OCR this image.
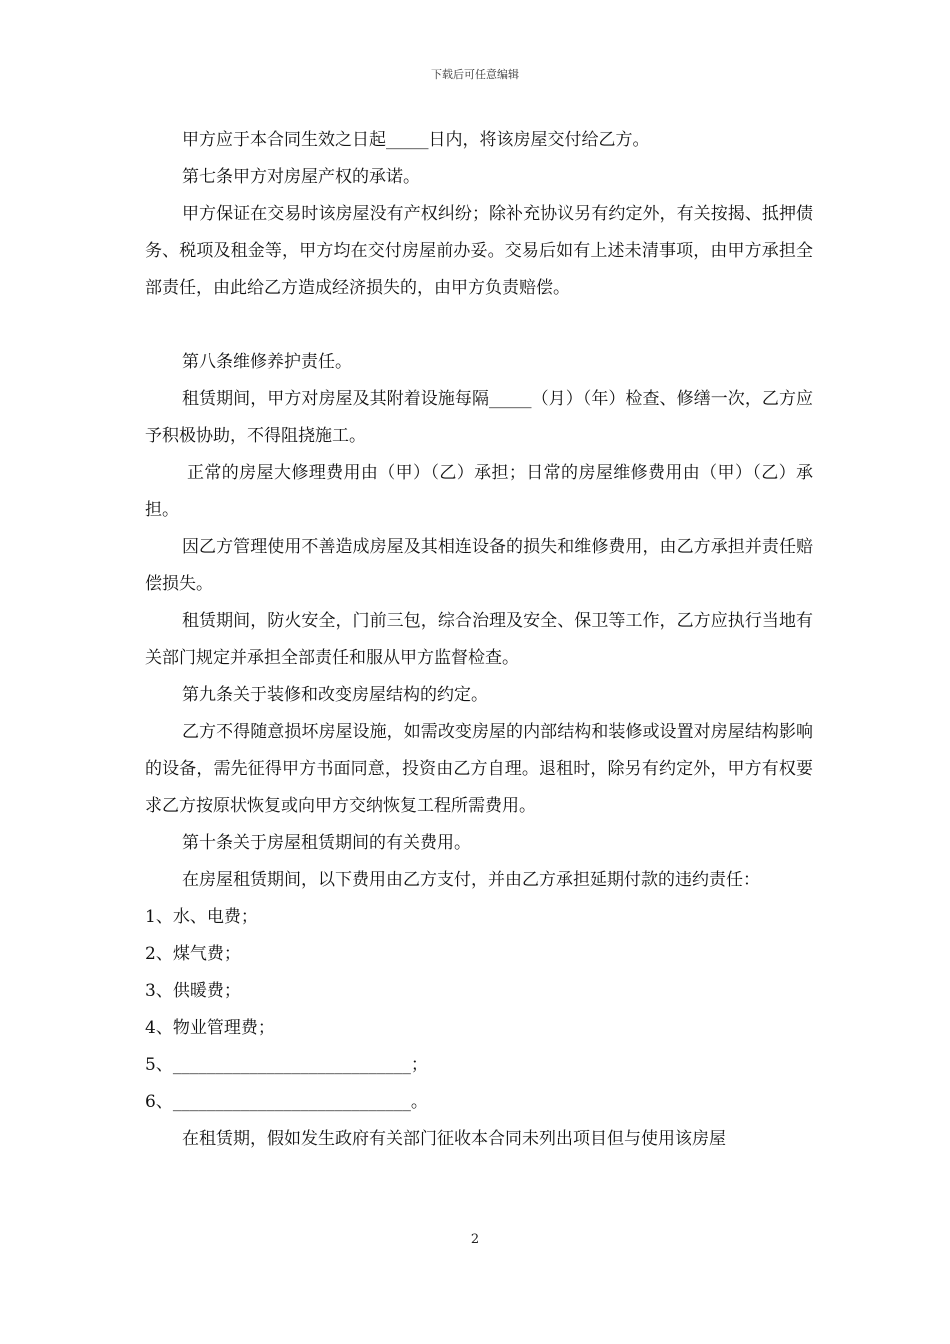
下载后可任意编辑

甲方应于本合同生效之日起_____日内，将该房屋交付给乙方。

第七条甲方对房屋产权的承诺。

甲方保证在交易时该房屋没有产权纠纷；除补充协议另有约定外，有关按揭、抵押债务、税项及租金等，甲方均在交付房屋前办妥。交易后如有上述未清事项，由甲方承担全部责任，由此给乙方造成经济损失的，由甲方负责赔偿。

第八条维修养护责任。

租赁期间，甲方对房屋及其附着设施每隔_____（月）（年）检查、修缮一次，乙方应予积极协助，不得阻挠施工。

正常的房屋大修理费用由（甲）（乙）承担；日常的房屋维修费用由（甲）（乙）承担。

因乙方管理使用不善造成房屋及其相连设备的损失和维修费用，由乙方承担并责任赔偿损失。

租赁期间，防火安全，门前三包，综合治理及安全、保卫等工作，乙方应执行当地有关部门规定并承担全部责任和服从甲方监督检查。

第九条关于装修和改变房屋结构的约定。

乙方不得随意损坏房屋设施，如需改变房屋的内部结构和装修或设置对房屋结构影响的设备，需先征得甲方书面同意，投资由乙方自理。退租时，除另有约定外，甲方有权要求乙方按原状恢复或向甲方交纳恢复工程所需费用。

第十条关于房屋租赁期间的有关费用。

在房屋租赁期间，以下费用由乙方支付，并由乙方承担延期付款的违约责任：

1、水、电费；

2、煤气费；

3、供暖费；

4、物业管理费；

5、____________________________；

6、____________________________。

在租赁期，假如发生政府有关部门征收本合同未列出项目但与使用该房屋

2
